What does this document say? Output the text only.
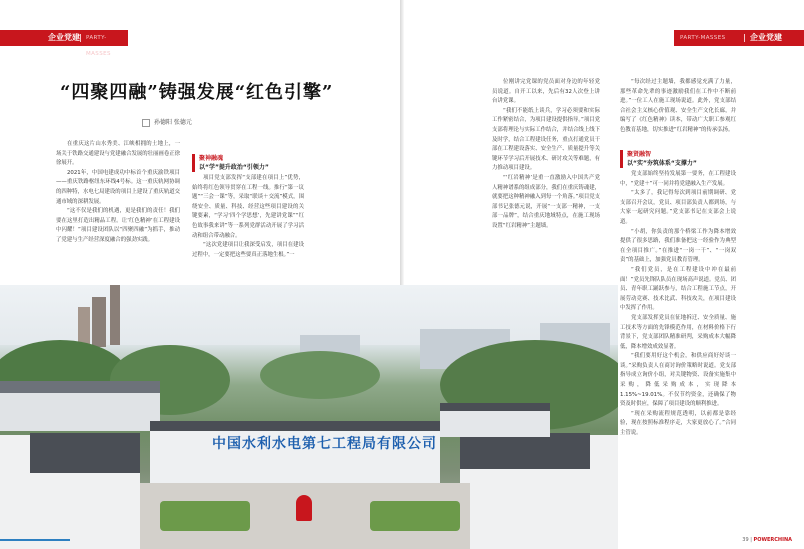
企业党建 PARTY-MASSES
“四聚四融”铸强发展“红色引擎”
孙德阳 张德元

在重庆这片山水秀美、江峡相拥的土地上，一场关于铁路交通建设与党建融合发展的壮丽画卷正徐徐展开。

2021年，中国电建成功中标首个重庆渝铁项目——重庆铁路枢纽东环线4号标。这一重庆轨网协调的四种特，水电七局建设的项目上建设了重庆轨道交通市域的深耕发展。

“这不仅是我们的机遇，更是我们的责任！我们要在这里打造出精品工程。让‘红色精神’在工程建设中闪耀！”项目建设团队以“四聚四融”为抓手，推动了党建与生产经营深度融合的强劲实践。

聚神融魂
以“学”提升政治“引领力”

项目党支部发挥“支部建在项目上”优势，始终将红色领导贯穿在工程一线。推行“第一议题”“三会一课”等，采取“联谈＋交流”模式，围绕安全、质量、科技、经营这些项目建设的关键要素，“学习‘四个学思想’，先建讲党课”“红色故事我来讲”等一系列党群活动开展了学习活动和组合带动融合。

“这次党建项目让我深受启发，项目在建设过程中，一定要把这些要真正落地生根。”一

PARTY-MASSES	企业党建

位刚讲完党课的党员面对身边的年轻党员说道。自开工以来，先后有32人次登上讲台讲党课。

“我们不能纸上谈兵，学习必须要和实际工作紧密结合，为项目建设提供指导。”项目党支部将理论与实际工作结合，并结合线上线下及时学，结合工程建设任务，重点打通党员干部在工程建设落实、安全生产、质量提升等关键环节学习后开展技术、研讨攻关等难题，有力推动项目建设。

“‘红岩精神’是重一直激励入中国共产党人精神谱系的组成部分，我们在重庆铸魂建，就要把这种精神融入到每一个角落。”项目党支部书记张德元说，开展“一支部一精神，一支部一品牌”，结合重庆地域特点，在施工现场设置“红岩精神”主题墙。

“每次经过主题墙，我都感觉充满了力量，那些革命先辈的事迹激励我们在工作中不断前进。”一位工人在施工现场说道。此外，党支部结合社会主义核心价值观、安全生产文化长廊，并编写了《红色精神》读本，带动广大职工参观红色教育基地，切实推进“红岩精神”的传承弘扬。

聚贤融智
以“实”夯筑体系“支撑力”

党支部始终坚持发展第一要务，在工程建设中，“党建＋”可一同并将党建融入生产发展。

“太多了，我记得每次到项目前期调研、党支部召开会议，党员、项目部负责人都到场，与大家一起研究问题。”党支部书记在支部会上说道。

“小胡，你负责的那个桥梁工作为降本增效提供了很多思路，我们准备把这一经验作为典型在全项目推广。”在推进“一岗一干”、“一岗双责”的基础上，加强党员教育管理。

“我们党员，是在工程建设中冲在最前面！”党员先锋队队员在现场高声说道。党员、团员、青年职工踊跃参与，结合工程施工节点，开展劳动竞赛、技术比武、科技攻关，在项目建设中发挥了作用。

党支部发挥党员在征地拆迁、安全质量、施工技术等方面的先锋模范作用，在材料价格下行背景下，党支部团队精准研判，采购成本大幅降低，降本增效成效显著。

“我们要用好这个机会，和供应商好好谈一谈。”采购负责人在商讨询价策略时说道。党支部指导成立询价小组，对关键物资、设备实施集中采购，降低采购成本，实现降本1.15%~19.01%。不仅节约资金，还确保了物资及时供应，保障了项目建设的顺利推进。

“现在采购流程规范透明，以前都是靠经验，现在按照标准程序走，大家更放心了。”合同主管说。

39 | POWERCHINA
中国水利水电第七工程局有限公司
